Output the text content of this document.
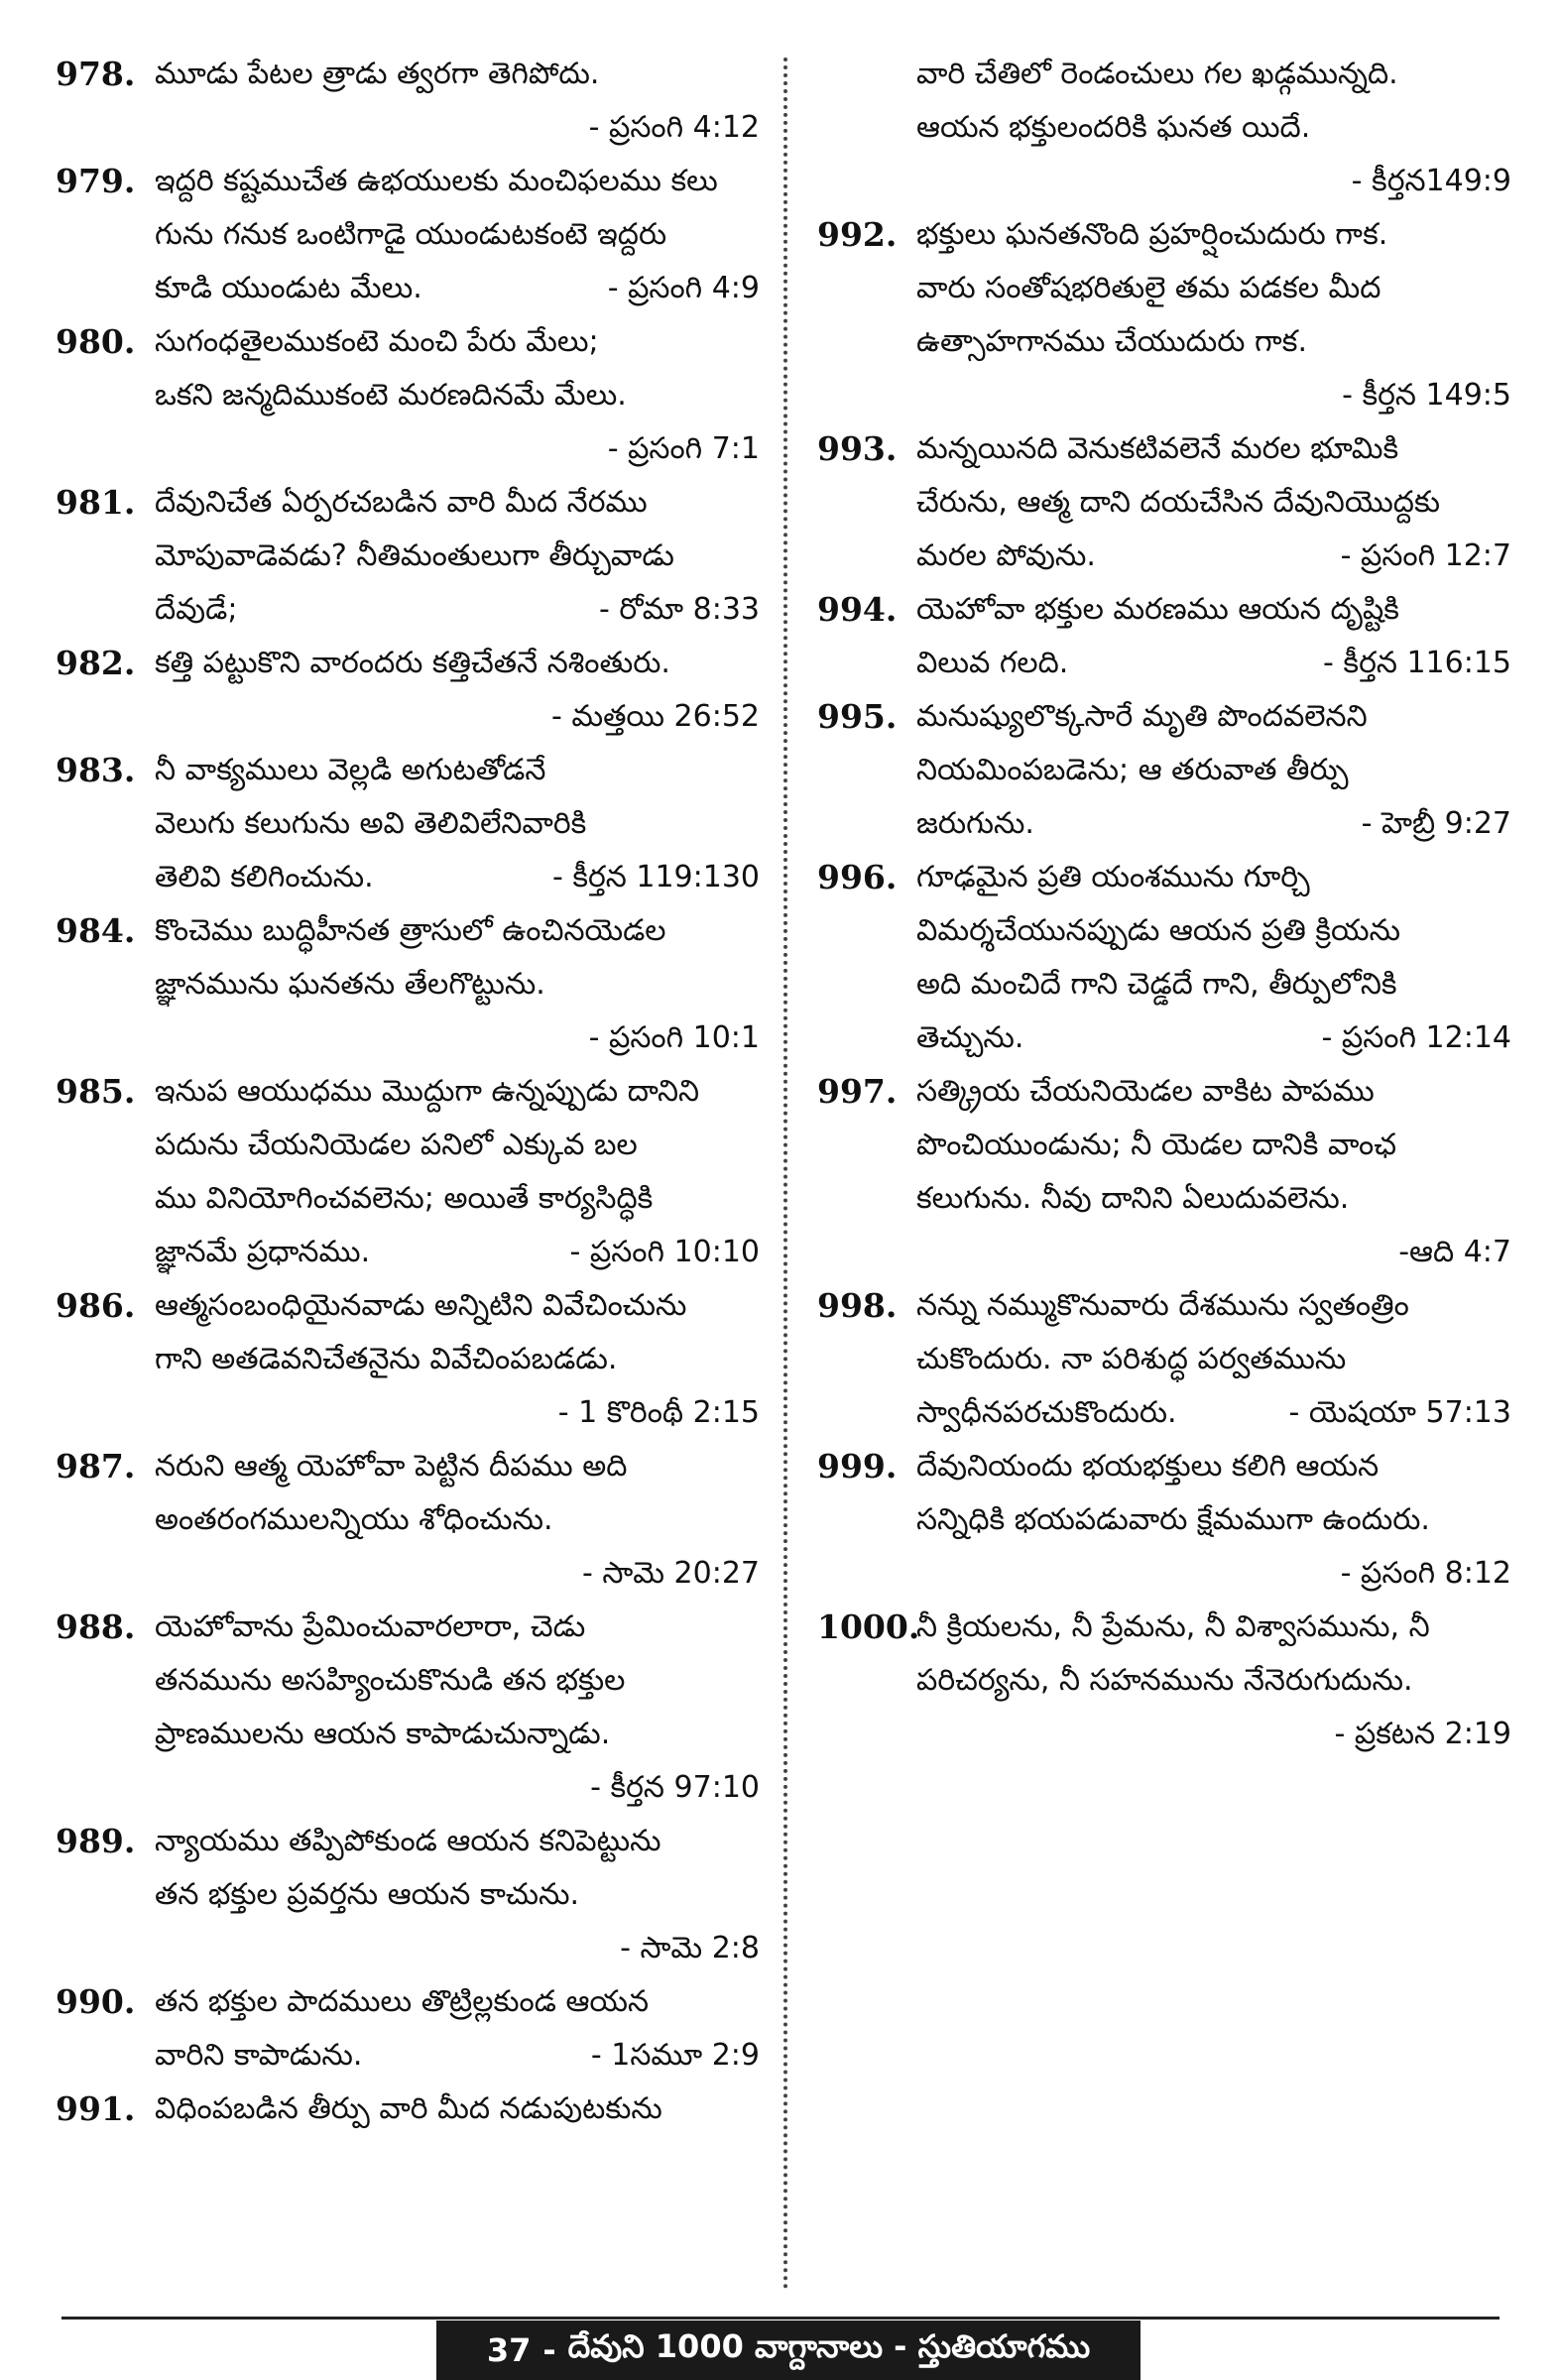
978. మూడు పేటల త్రాడు త్వరగా తెగిపోదు.
- ప్రసంగి 4:12
979. ఇద్దరి కష్టముచేత ఉభయులకు మంచిఫలము కలు
గును గనుక ఒంటిగాడై యుండుటకంటె ఇద్దరు
కూడి యుండుట మేలు.	- ప్రసంగి 4:9
980. సుగంధతైలముకంటె మంచి పేరు మేలు;
ఒకని జన్మదిముకంటె మరణదినమే మేలు.
- ప్రసంగి 7:1
981. దేవునిచేత ఏర్పరచబడిన వారి మీద నేరము
మోపువాడెవడు? నీతిమంతులుగా తీర్చువాడు
దేవుడే;	- రోమా 8:33
982. కత్తి పట్టుకొని వారందరు కత్తిచేతనే నశింతురు.
- మత్తయి 26:52
983. నీ వాక్యములు వెల్లడి అగుటతోడనే
వెలుగు కలుగును అవి తెలివిలేనివారికి
తెలివి కలిగించును.	- కీర్తన 119:130
984. కొంచెము బుద్ధిహీనత త్రాసులో ఉంచినయెడల
జ్ఞానమును ఘనతను తేలగొట్టును.
- ప్రసంగి 10:1
985. ఇనుప ఆయుధము మొద్దుగా ఉన్నప్పుడు దానిని
పదును చేయనియెడల పనిలో ఎక్కువ బల
ము వినియోగించవలెను; అయితే కార్యసిద్ధికి
జ్ఞానమే ప్రధానము.	- ప్రసంగి 10:10
986. ఆత్మసంబంధియైనవాడు అన్నిటిని వివేచించును
గాని అతడెవనిచేతనైను వివేచింపబడడు.
- 1 కొరింథీ 2:15
987. నరుని ఆత్మ యెహోవా పెట్టిన దీపము అది
అంతరంగములన్నియు శోధించును.
- సామె 20:27
988. యెహోవాను ప్రేమించువారలారా, చెడు
తనమును అసహ్యించుకొనుడి తన భక్తుల
ప్రాణములను ఆయన కాపాడుచున్నాడు.
- కీర్తన 97:10
989. న్యాయము తప్పిపోకుండ ఆయన కనిపెట్టును
తన భక్తుల ప్రవర్తను ఆయన కాచును.
- సామె 2:8
990. తన భక్తుల పాదములు తొట్రిల్లకుండ ఆయన
వారిని కాపాడును.	- 1సమూ 2:9
991. విధింపబడిన తీర్పు వారి మీద నడుపుటకును
వారి చేతిలో రెండంచులు గల ఖడ్గమున్నది.
ఆయన భక్తులందరికి ఘనత యిదే.
- కీర్తన149:9
992. భక్తులు ఘనతనొంది ప్రహర్షించుదురు గాక.
వారు సంతోషభరితులై తమ పడకల మీద
ఉత్సాహగానము చేయుదురు గాక.
- కీర్తన 149:5
993. మన్నయినది వెనుకటివలెనే మరల భూమికి
చేరును, ఆత్మ దాని దయచేసిన దేవునియొద్దకు
మరల పోవును.	- ప్రసంగి 12:7
994. యెహోవా భక్తుల మరణము ఆయన దృష్టికి
విలువ గలది.	- కీర్తన 116:15
995. మనుష్యులొక్కసారే మృతి పొందవలెనని
నియమింపబడెను; ఆ తరువాత తీర్పు
జరుగును.	- హెబ్రీ 9:27
996. గూఢమైన ప్రతి యంశమును గూర్చి
విమర్శచేయునప్పుడు ఆయన ప్రతి క్రియను
అది మంచిదే గాని చెడ్డదే గాని, తీర్పులోనికి
తెచ్చును.	- ప్రసంగి 12:14
997. సత్క్రియ చేయనియెడల వాకిట పాపము
పొంచియుండును; నీ యెడల దానికి వాంఛ
కలుగును. నీవు దానిని ఏలుదువలెను.
-ఆది 4:7
998. నన్ను నమ్ముకొనువారు దేశమును స్వతంత్రిం
చుకొందురు. నా పరిశుద్ధ పర్వతమును
స్వాధీనపరచుకొందురు.	- యెషయా 57:13
999. దేవునియందు భయభక్తులు కలిగి ఆయన
సన్నిధికి భయపడువారు క్షేమముగా ఉందురు.
- ప్రసంగి 8:12
1000.
నీ క్రియలను, నీ ప్రేమను, నీ విశ్వాసమును, నీ
పరిచర్యను, నీ సహనమును నేనెరుగుదును.
- ప్రకటన 2:19
37 - దేవుని 1000 వాగ్దానాలు - స్తుతియాగము
